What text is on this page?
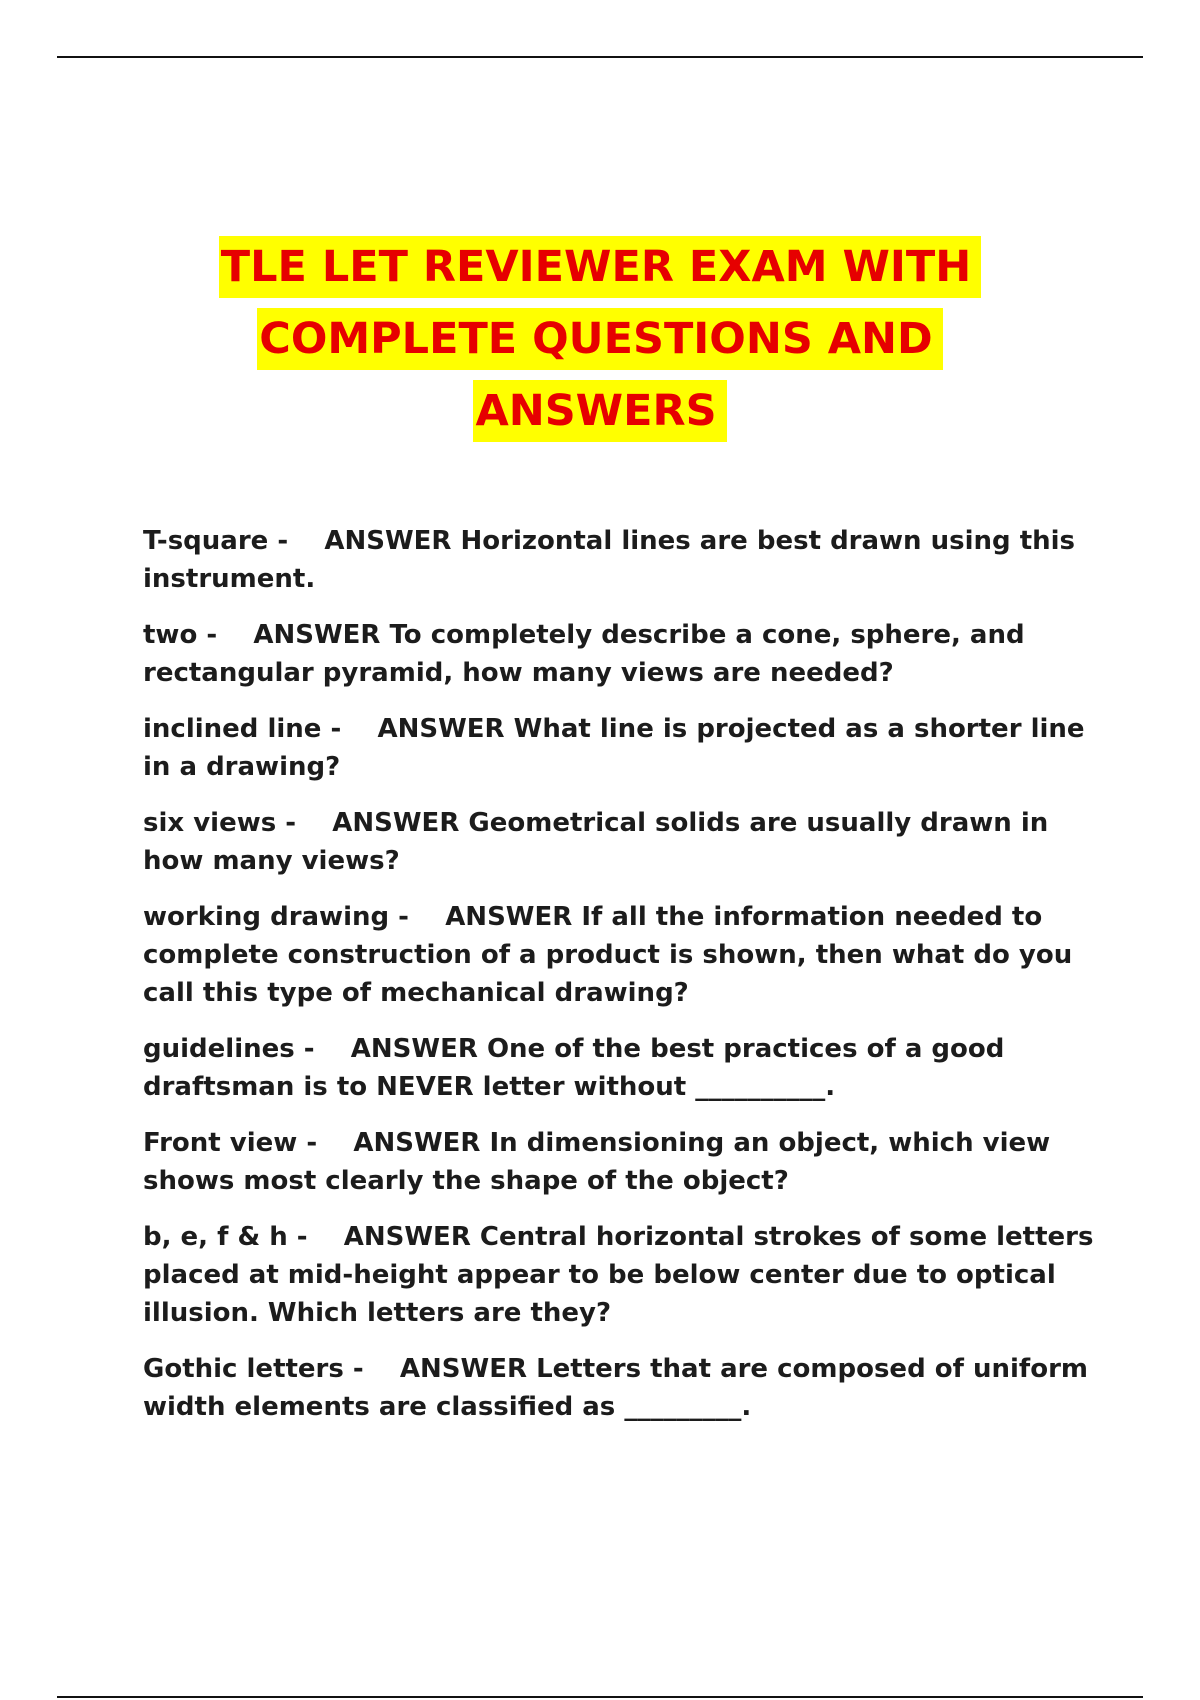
TLE LET REVIEWER EXAM WITH
COMPLETE QUESTIONS AND
ANSWERS
T-square -    ANSWER Horizontal lines are best drawn using this instrument.
two -    ANSWER To completely describe a cone, sphere, and rectangular pyramid, how many views are needed?
inclined line -    ANSWER What line is projected as a shorter line in a drawing?
six views -    ANSWER Geometrical solids are usually drawn in how many views?
working drawing -    ANSWER If all the information needed to complete construction of a product is shown, then what do you call this type of mechanical drawing?
guidelines -    ANSWER One of the best practices of a good draftsman is to NEVER letter without __________.
Front view -    ANSWER In dimensioning an object, which view shows most clearly the shape of the object?
b, e, f & h -    ANSWER Central horizontal strokes of some letters placed at mid-height appear to be below center due to optical illusion. Which letters are they?
Gothic letters -    ANSWER Letters that are composed of uniform width elements are classified as _________.
